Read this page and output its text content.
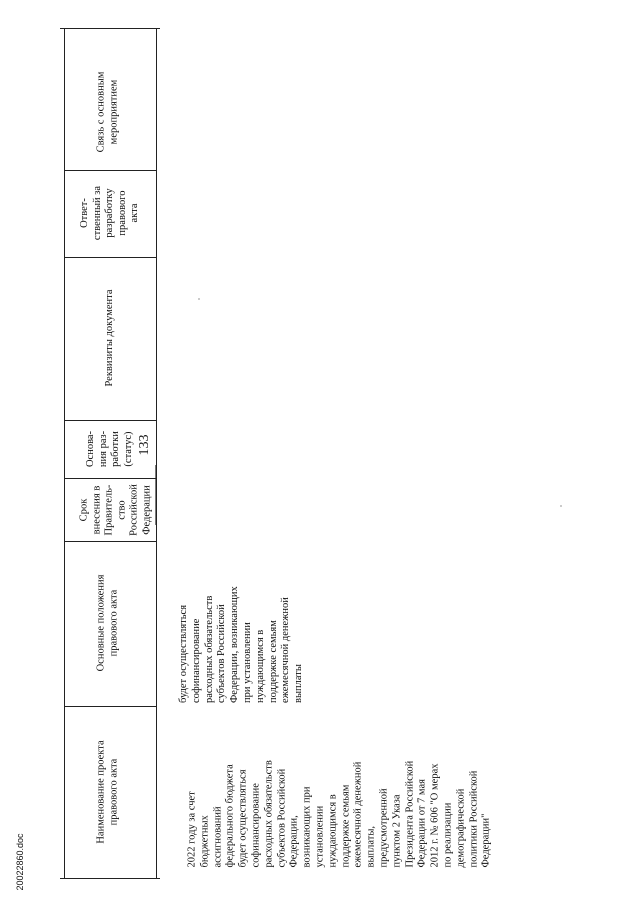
133
20022860.doc
Наименование проекта
правового акта
Основные положения
правового акта
Срок
внесения в
Правитель-
ство
Российской
Федерации
Основа-
ния раз-
работки
(статус)
Реквизиты документа
Ответ-
ственный за
разработку
правового
акта
Связь с основным
мероприятием
2022 году за счет
бюджетных
ассигнований
федерального бюджета
будет осуществляться
софинансирование
расходных обязательств
субъектов Российской
Федерации,
возникающих при
установлении
нуждающимся в
поддержке семьям
ежемесячной денежной
выплаты,
предусмотренной
пунктом 2 Указа
Президента Российской
Федерации от 7 мая
2012 г. № 606 "О мерах
по реализации
демографической
политики Российской
Федерации"
будет осуществляться
софинансирование
расходных обязательств
субъектов Российской
Федерации, возникающих
при установлении
нуждающимся в
поддержке семьям
ежемесячной денежной
выплаты
